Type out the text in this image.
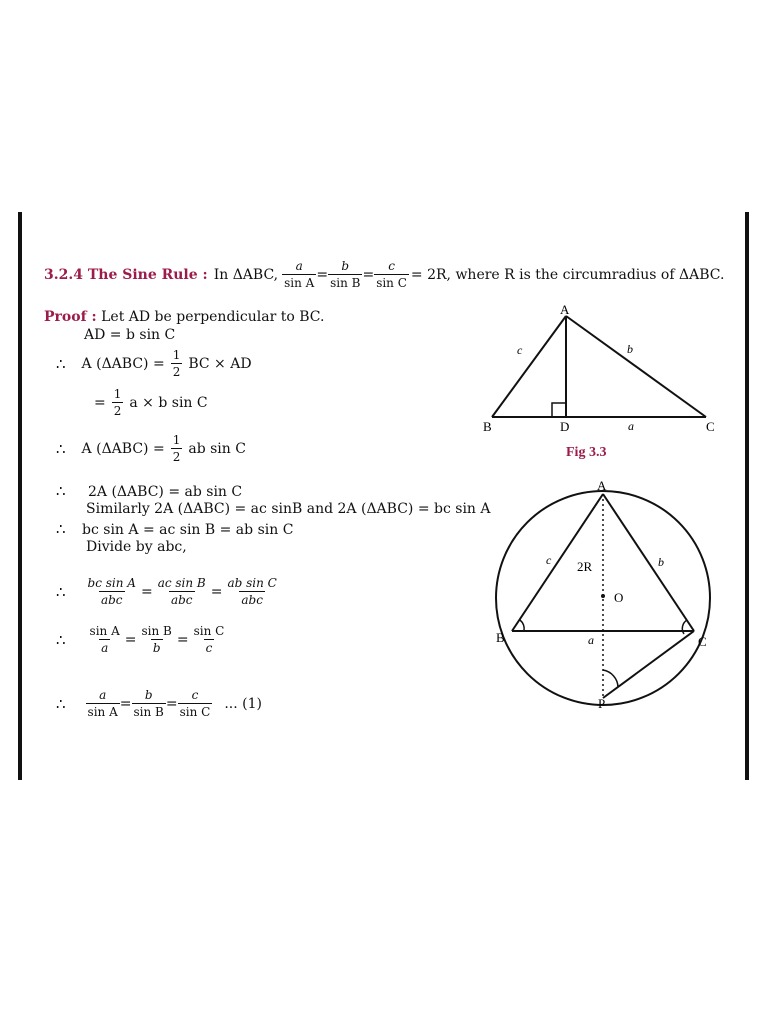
3.2.4 The Sine Rule : In ΔABC, $\frac{a}{\text{sin A}} = \frac{b}{\text{sin B}} = \frac{c}{\text{sin C}} = 2R$, where R is the circumradius of ΔABC.
Proof : Let AD be perpendicular to BC.
AD = b sin C
∴ A $(\Delta ABC) = \frac{1}{2}$ BC × AD
= $\frac{1}{2}$ a × b sin C
∴ A $(\Delta ABC) = \frac{1}{2}$ ab sin C
∴ 2A (ΔABC) = ab sin C
Similarly 2A (ΔABC) = ac sinB and 2A (ΔABC) = bc sin A
∴ bc sin A = ac sin B = ab sin C
Divide by abc,
∴ $\frac{\text{bc sin A}}{\text{abc}} = \frac{\text{ac sin B}}{\text{abc}} = \frac{\text{ab sin C}}{\text{abc}}$
∴ $\frac{\text{sin A}}{a} = \frac{\text{sin B}}{b} = \frac{\text{sin C}}{c}$
∴ $\frac{a}{\text{sin A}} = \frac{b}{\text{sin B}} = \frac{c}{\text{sin C}}$ ... (1)
A
B	C
D	a
b
c
Fig 3.3
A
B	C
O
P
2R
a
b
c
